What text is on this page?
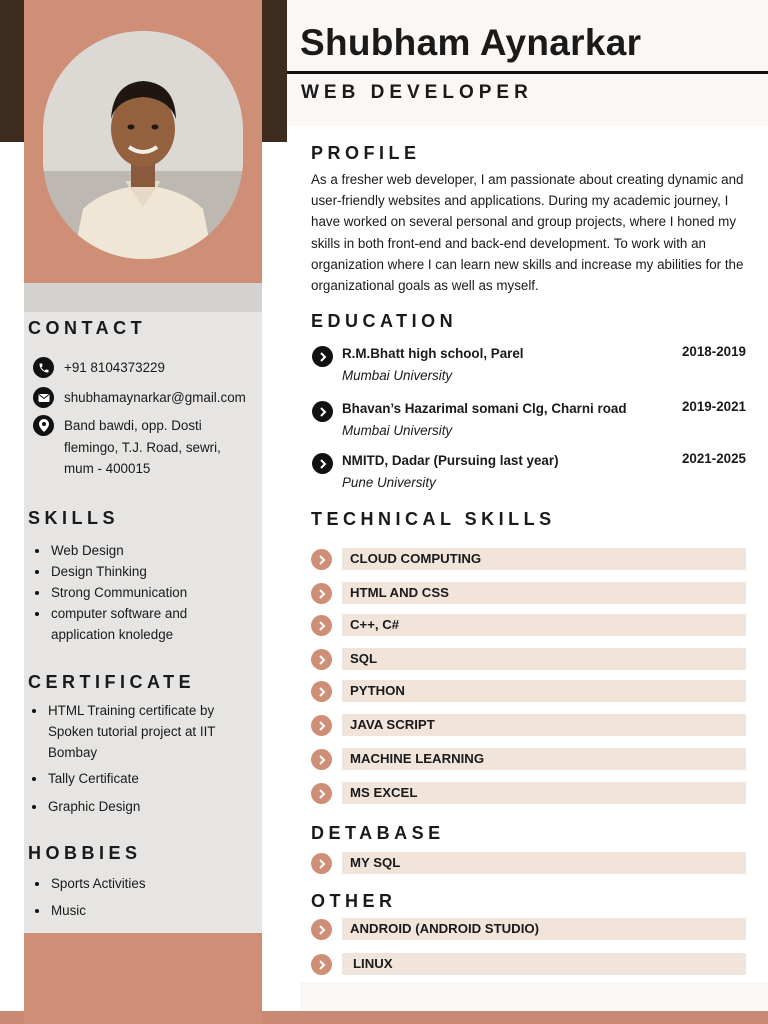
Shubham Aynarkar
WEB DEVELOPER
CONTACT
+91 8104373229
shubhamaynarkar@gmail.com
Band bawdi, opp. Dosti
flemingo, T.J. Road, sewri,
mum - 400015
SKILLS
Web Design
Design Thinking
Strong Communication
computer software and application knoledge
CERTIFICATE
HTML Training certificate by Spoken tutorial project at IIT Bombay
Tally Certificate
Graphic Design
HOBBIES
Sports Activities
Music
PROFILE
As a fresher web developer, I am passionate about creating dynamic and user-friendly websites and applications. During my academic journey, I have worked on several personal and group projects, where I honed my skills in both front-end and back-end development. To work with an organization where I can learn new skills and increase my abilities for the organizational goals as well as myself.
EDUCATION
R.M.Bhatt high school, Parel
Mumbai University
2018-2019
Bhavan’s Hazarimal somani Clg, Charni road
Mumbai University
2019-2021
NMITD, Dadar (Pursuing last year)
Pune University
2021-2025
TECHNICAL SKILLS
CLOUD COMPUTING
HTML AND CSS
C++, C#
SQL
PYTHON
JAVA SCRIPT
MACHINE LEARNING
MS EXCEL
DETABASE
MY SQL
OTHER
ANDROID (ANDROID STUDIO)
LINUX
